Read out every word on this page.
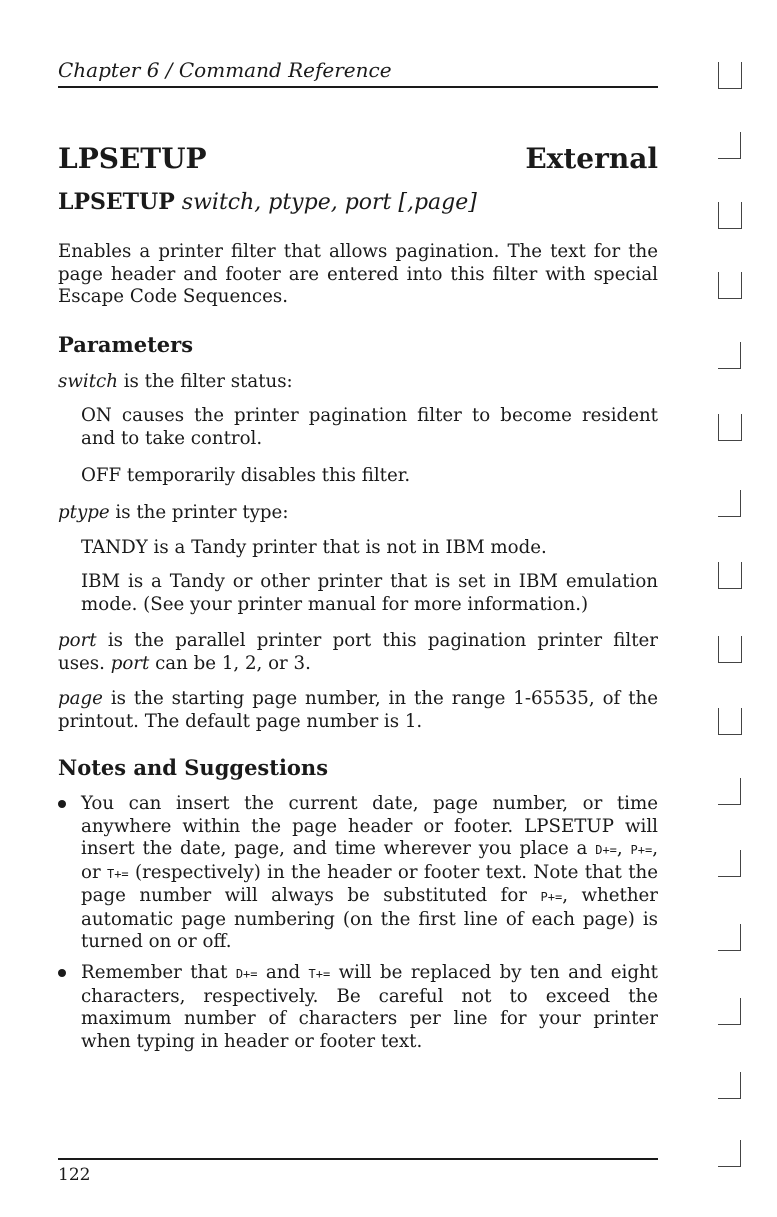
Chapter 6 / Command Reference
LPSETUP	External
LPSETUP switch, ptype, port [,page]

Enables a printer filter that allows pagination. The text for the page header and footer are entered into this filter with special Escape Code Sequences.

Parameters

switch is the filter status:

ON causes the printer pagination filter to become resident and to take control.

OFF temporarily disables this filter.

ptype is the printer type:

TANDY is a Tandy printer that is not in IBM mode.

IBM is a Tandy or other printer that is set in IBM emulation mode. (See your printer manual for more information.)

port is the parallel printer port this pagination printer filter uses. port can be 1, 2, or 3.

page is the starting page number, in the range 1-65535, of the printout. The default page number is 1.

Notes and Suggestions

You can insert the current date, page number, or time anywhere within the page header or footer. LPSETUP will insert the date, page, and time wherever you place a D+=, P+=, or T+= (respectively) in the header or footer text. Note that the page number will always be substituted for P+=, whether automatic page numbering (on the first line of each page) is turned on or off.

Remember that D+= and T+= will be replaced by ten and eight characters, respectively. Be careful not to exceed the maximum number of characters per line for your printer when typing in header or footer text.

122
